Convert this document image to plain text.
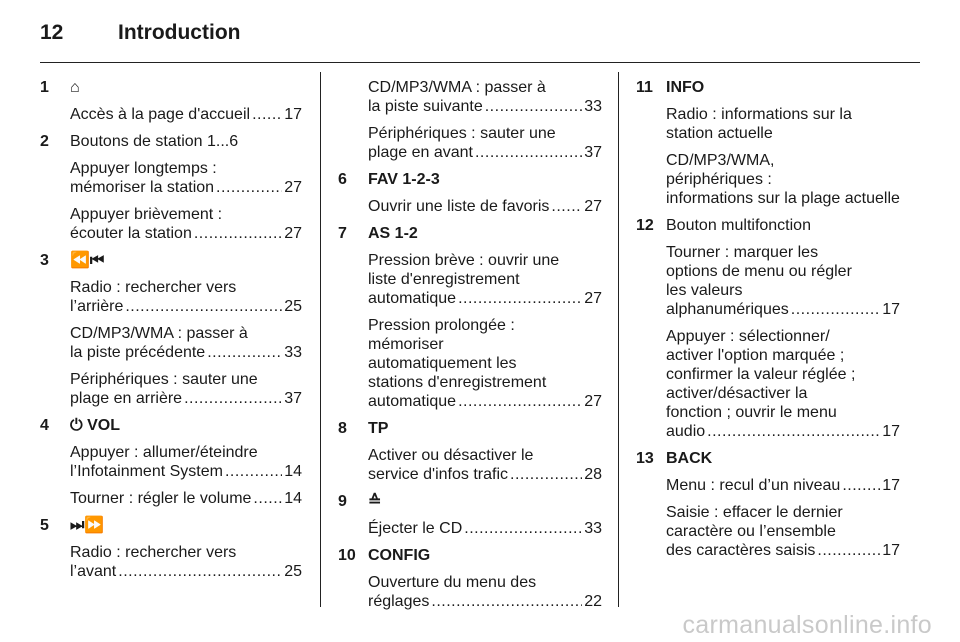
12	Introduction
1	⌂
Accès à la page d'accueil ..... 17
2	Boutons de station 1...6
Appuyer longtemps :
mémoriser la station .....	27
Appuyer brièvement :
écouter la station .....	27
3	⏪⏮
Radio : rechercher vers
l’arrière .....	25
CD/MP3/WMA : passer à
la piste précédente .....	33
Périphériques : sauter une
plage en arrière .....	37
4	⏻ VOL
Appuyer : allumer/éteindre
l’Infotainment System .....	14
Tourner : régler le volume ..... 14
5	⏭⏩
Radio : rechercher vers
l’avant .....	25
CD/MP3/WMA : passer à
la piste suivante .....	33
Périphériques : sauter une
plage en avant .....	37
6	FAV 1-2-3
Ouvrir une liste de favoris ..... 27
7	AS 1-2
Pression brève : ouvrir une
liste d'enregistrement
automatique .....	27
Pression prolongée :
mémoriser
automatiquement les
stations d'enregistrement
automatique .....	27
8	TP
Activer ou désactiver le
service d'infos trafic .....	28
9	≙
Éjecter le CD .....	33
10 CONFIG
Ouverture du menu des
réglages .....	22
11 INFO
Radio : informations sur la
station actuelle
CD/MP3/WMA,
périphériques :
informations sur la plage actuelle
12 Bouton multifonction
Tourner : marquer les
options de menu ou régler
les valeurs
alphanumériques .....	17
Appuyer : sélectionner/
activer l'option marquée ;
confirmer la valeur réglée ;
activer/désactiver la
fonction ; ouvrir le menu
audio .....	17
13 BACK
Menu : recul d’un niveau .....	17
Saisie : effacer le dernier
caractère ou l’ensemble
des caractères saisis .....	17
carmanualsonline.info
